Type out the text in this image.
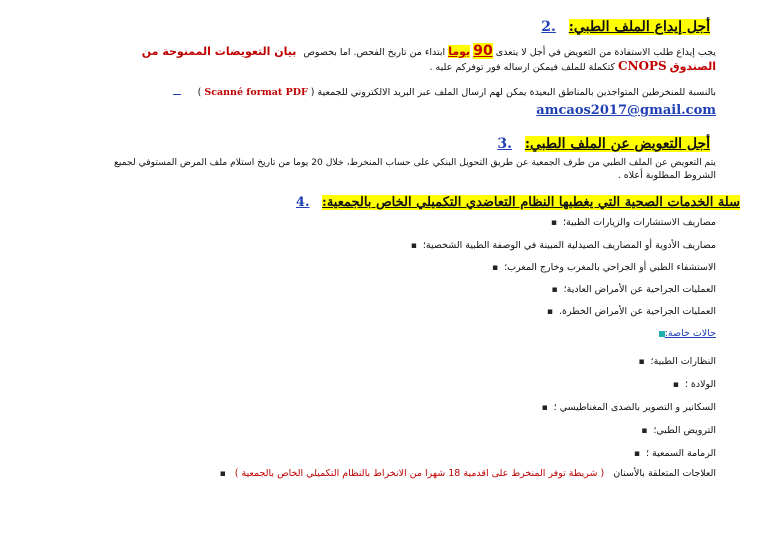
أجل إيداع الملف الطبي: .2
يجب إيداع طلب الاستفادة من التعويض في أجل لا يتعدى 90 يوما ابتداء من تاريخ الفحص. اما بخصوص بيان التعويضات الممنوحة من
الصندوق CNOPS كتكملة للملف فيمكن ارساله فور توفركم عليه .
بالنسبة للمنخرطين المتواجدين بالمناطق البعيدة يمكن لهم ارسال الملف عبر البريد الالكتروني للجمعية ( Scanné format PDF )
amcaos2017@gmail.com
أجل التعويض عن الملف الطبي: .3
يتم التعويض عن الملف الطبي من طرف الجمعية عن طريق التحويل البنكي على حساب المنخرط، خلال 20 يوما من تاريخ استلام ملف المرض المستوفي لجميع
الشروط المطلوبة أعلاه .
سلة الخدمات الصحية التي يغطيها النظام التعاضدي التكميلي الخاص بالجمعية: .4
مصاريف الاستشارات والزيارات الطبية؛ ▪
مصاريف الأدوية أو المصاريف الصيدلية المبينة في الوصفة الطبية الشخصية؛ ▪
الاستشفاء الطبي أو الجراحي بالمغرب وخارج المغرب؛ ▪
العمليات الجراحية عن الأمراض العادية؛ ▪
العمليات الجراحية عن الأمراض الخطرة. ▪
حالات خاصة:
النظارات الطبية؛ ▪
الولادة ؛ ▪
السكانير و التصوير بالصدى المغناطيسي ؛ ▪
الترويض الطبي؛ ▪
الرمامة السمعية ؛ ▪
العلاجات المتعلقة بالأسنان ( شريطة توفر المنخرط على اقدمية 18 شهرا من الانخراط بالنظام التكميلي الخاص بالجمعية ) ▪
